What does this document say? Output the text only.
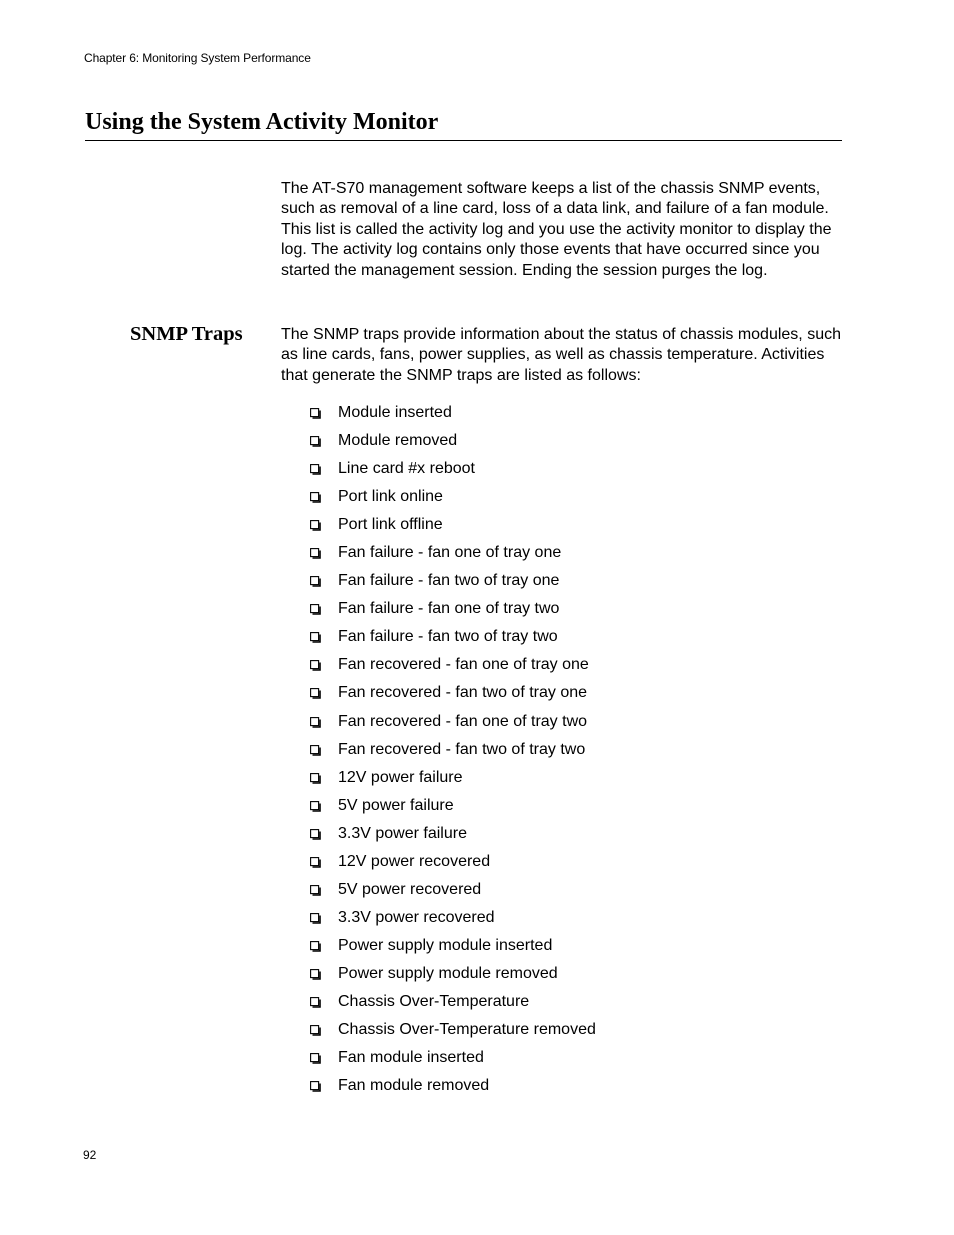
Chapter 6: Monitoring System Performance
Using the System Activity Monitor

The AT-S70 management software keeps a list of the chassis SNMP events, such as removal of a line card, loss of a data link, and failure of a fan module. This list is called the activity log and you use the activity monitor to display the log. The activity log contains only those events that have occurred since you started the management session. Ending the session purges the log.

SNMP Traps The SNMP traps provide information about the status of chassis modules, such as line cards, fans, power supplies, as well as chassis temperature. Activities that generate the SNMP traps are listed as follows:

Module inserted
Module removed
Line card #x reboot
Port link online
Port link offline
Fan failure - fan one of tray one
Fan failure - fan two of tray one
Fan failure - fan one of tray two
Fan failure - fan two of tray two
Fan recovered - fan one of tray one
Fan recovered - fan two of tray one
Fan recovered - fan one of tray two
Fan recovered - fan two of tray two
12V power failure
5V power failure
3.3V power failure
12V power recovered
5V power recovered
3.3V power recovered
Power supply module inserted
Power supply module removed
Chassis Over-Temperature
Chassis Over-Temperature removed
Fan module inserted
Fan module removed
92
